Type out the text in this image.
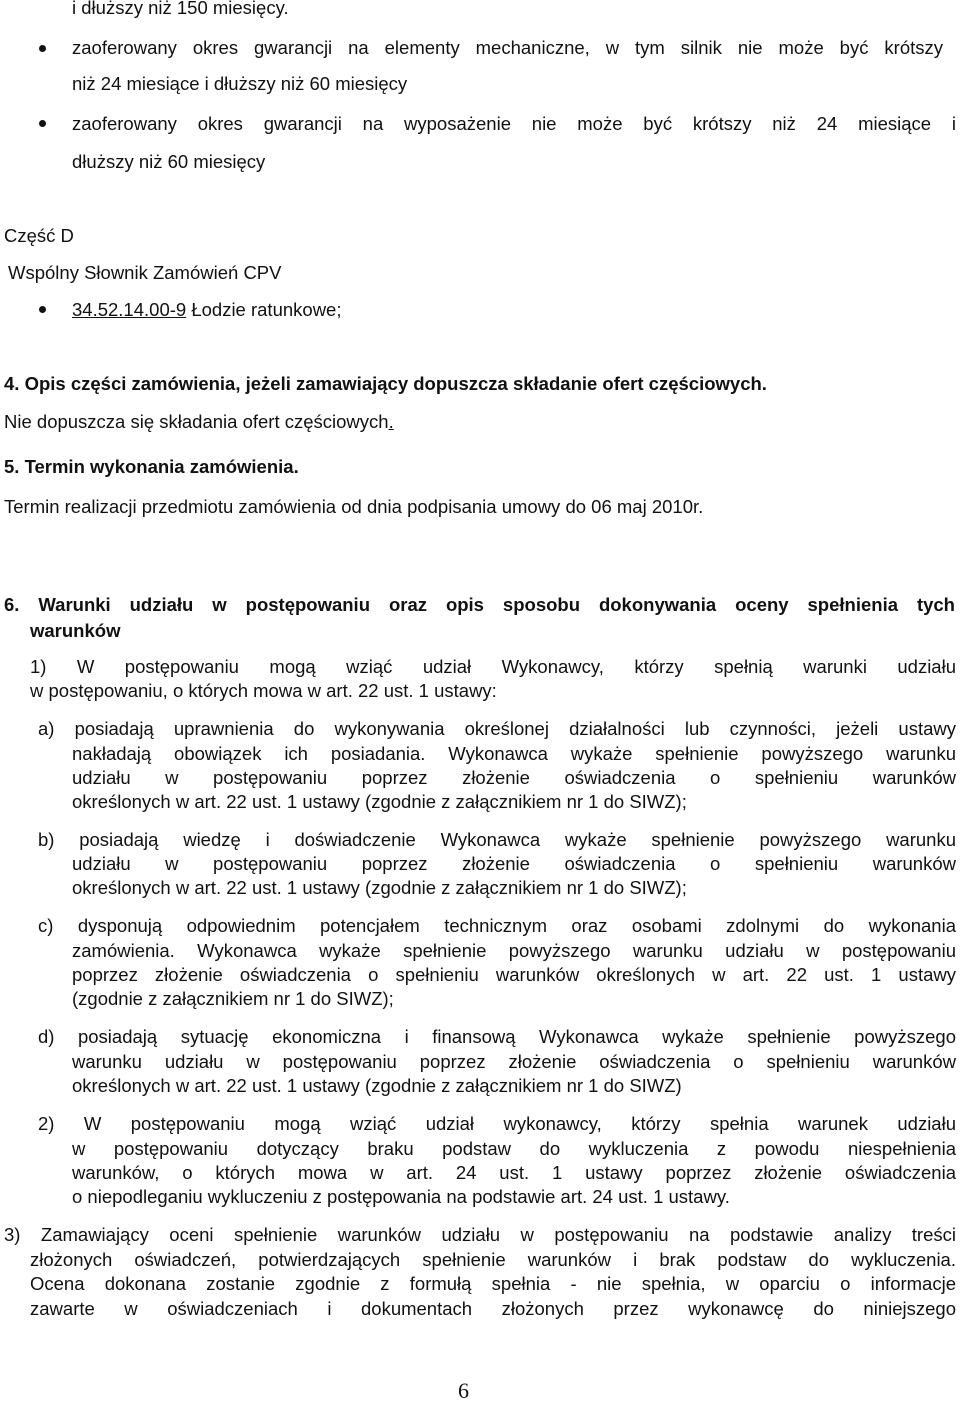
i dłuższy niż 150 miesięcy.
zaoferowany okres gwarancji na elementy mechaniczne, w tym silnik nie może być krótszy
niż 24 miesiące i dłuższy niż 60 miesięcy
zaoferowany okres gwarancji na wyposażenie nie może być krótszy niż 24 miesiące i
dłuższy niż 60 miesięcy
Część D
Wspólny Słownik Zamówień CPV
34.52.14.00-9 Łodzie ratunkowe;
4. Opis części zamówienia, jeżeli zamawiający dopuszcza składanie ofert częściowych.
Nie dopuszcza się składania ofert częściowych.
5. Termin wykonania zamówienia.
Termin realizacji przedmiotu zamówienia od dnia podpisania umowy do 06 maj 2010r.
6. Warunki udziału w postępowaniu oraz opis sposobu dokonywania oceny spełnienia tych
warunków
1) W postępowaniu mogą wziąć udział Wykonawcy, którzy spełnią warunki udziału
w postępowaniu, o których mowa w art. 22 ust. 1 ustawy:
a) posiadają uprawnienia do wykonywania określonej działalności lub czynności, jeżeli ustawy
nakładają obowiązek ich posiadania. Wykonawca wykaże spełnienie powyższego warunku
udziału w postępowaniu poprzez złożenie oświadczenia o spełnieniu warunków
określonych w art. 22 ust. 1 ustawy (zgodnie z załącznikiem nr 1 do SIWZ);
b) posiadają wiedzę i doświadczenie Wykonawca wykaże spełnienie powyższego warunku
udziału w postępowaniu poprzez złożenie oświadczenia o spełnieniu warunków
określonych w art. 22 ust. 1 ustawy (zgodnie z załącznikiem nr 1 do SIWZ);
c) dysponują odpowiednim potencjałem technicznym oraz osobami zdolnymi do wykonania
zamówienia. Wykonawca wykaże spełnienie powyższego warunku udziału w postępowaniu
poprzez złożenie oświadczenia o spełnieniu warunków określonych w art. 22 ust. 1 ustawy
(zgodnie z załącznikiem nr 1 do SIWZ);
d) posiadają sytuację ekonomiczna i finansową Wykonawca wykaże spełnienie powyższego
warunku udziału w postępowaniu poprzez złożenie oświadczenia o spełnieniu warunków
określonych w art. 22 ust. 1 ustawy (zgodnie z załącznikiem nr 1 do SIWZ)
2) W postępowaniu mogą wziąć udział wykonawcy, którzy spełnia warunek udziału
w postępowaniu dotyczący braku podstaw do wykluczenia z powodu niespełnienia
warunków, o których mowa w art. 24 ust. 1 ustawy poprzez złożenie oświadczenia
o niepodleganiu wykluczeniu z postępowania na podstawie art. 24 ust. 1 ustawy.
3) Zamawiający oceni spełnienie warunków udziału w postępowaniu na podstawie analizy treści
złożonych oświadczeń, potwierdzających spełnienie warunków i brak podstaw do wykluczenia.
Ocena dokonana zostanie zgodnie z formułą spełnia - nie spełnia, w oparciu o informacje
zawarte w oświadczeniach i dokumentach złożonych przez wykonawcę do niniejszego
6
